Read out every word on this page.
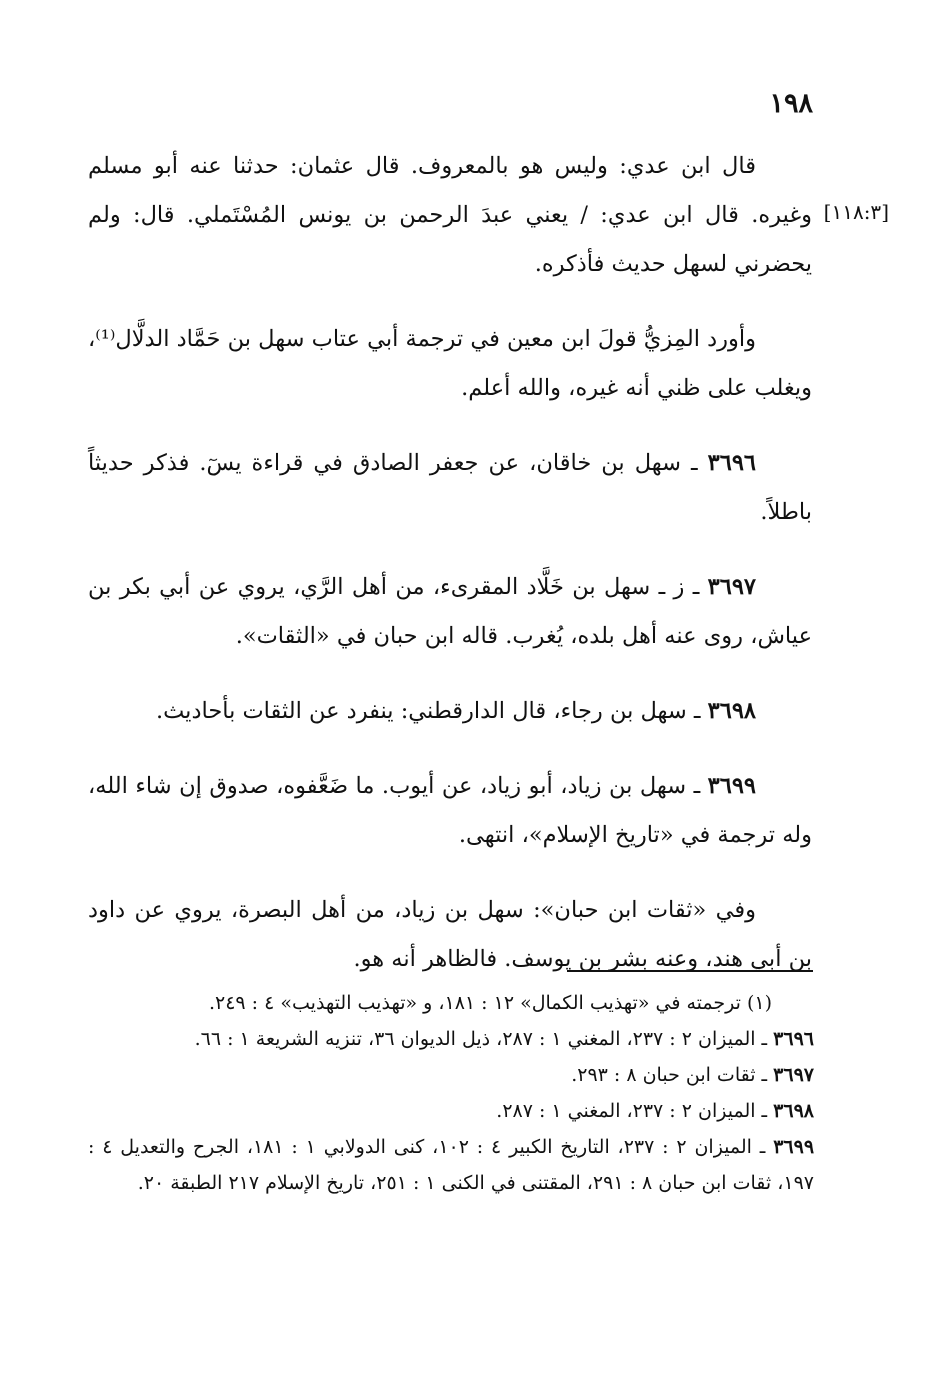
١٩٨
[١١٨:٣]

قال ابن عدي: وليس هو بالمعروف. قال عثمان: حدثنا عنه أبو مسلم وغيره. قال ابن عدي: / يعني عبدَ الرحمن بن يونس المُسْتَملي. قال: ولم يحضرني لسهل حديث فأذكره.

وأورد المِزيُّ قولَ ابن معين في ترجمة أبي عتاب سهل بن حَمَّاد الدلَّال⁽¹⁾، ويغلب على ظني أنه غيره، والله أعلم.

٣٦٩٦ ـ سهل بن خاقان، عن جعفر الصادق في قراءة يسٓ. فذكر حديثاً باطلاً.

٣٦٩٧ ـ ز ـ سهل بن خَلَّاد المقرىء، من أهل الرَّي، يروي عن أبي بكر بن عياش، روى عنه أهل بلده، يُغرب. قاله ابن حبان في «الثقات».

٣٦٩٨ ـ سهل بن رجاء، قال الدارقطني: ينفرد عن الثقات بأحاديث.

٣٦٩٩ ـ سهل بن زياد، أبو زياد، عن أيوب. ما ضَعَّفوه، صدوق إن شاء الله، وله ترجمة في «تاريخ الإسلام»، انتهى.

وفي «ثقات ابن حبان»: سهل بن زياد، من أهل البصرة، يروي عن داود بن أبي هند، وعنه بشر بن يوسف. فالظاهر أنه هو.

(١) ترجمته في «تهذيب الكمال» ١٢ : ١٨١، و «تهذيب التهذيب» ٤ : ٢٤٩.

٣٦٩٦ ـ الميزان ٢ : ٢٣٧، المغني ١ : ٢٨٧، ذيل الديوان ٣٦، تنزيه الشريعة ١ : ٦٦.

٣٦٩٧ ـ ثقات ابن حبان ٨ : ٢٩٣.

٣٦٩٨ ـ الميزان ٢ : ٢٣٧، المغني ١ : ٢٨٧.

٣٦٩٩ ـ الميزان ٢ : ٢٣٧، التاريخ الكبير ٤ : ١٠٢، كنى الدولابي ١ : ١٨١، الجرح والتعديل ٤ : ١٩٧، ثقات ابن حبان ٨ : ٢٩١، المقتنى في الكنى ١ : ٢٥١، تاريخ الإسلام ٢١٧ الطبقة ٢٠.
